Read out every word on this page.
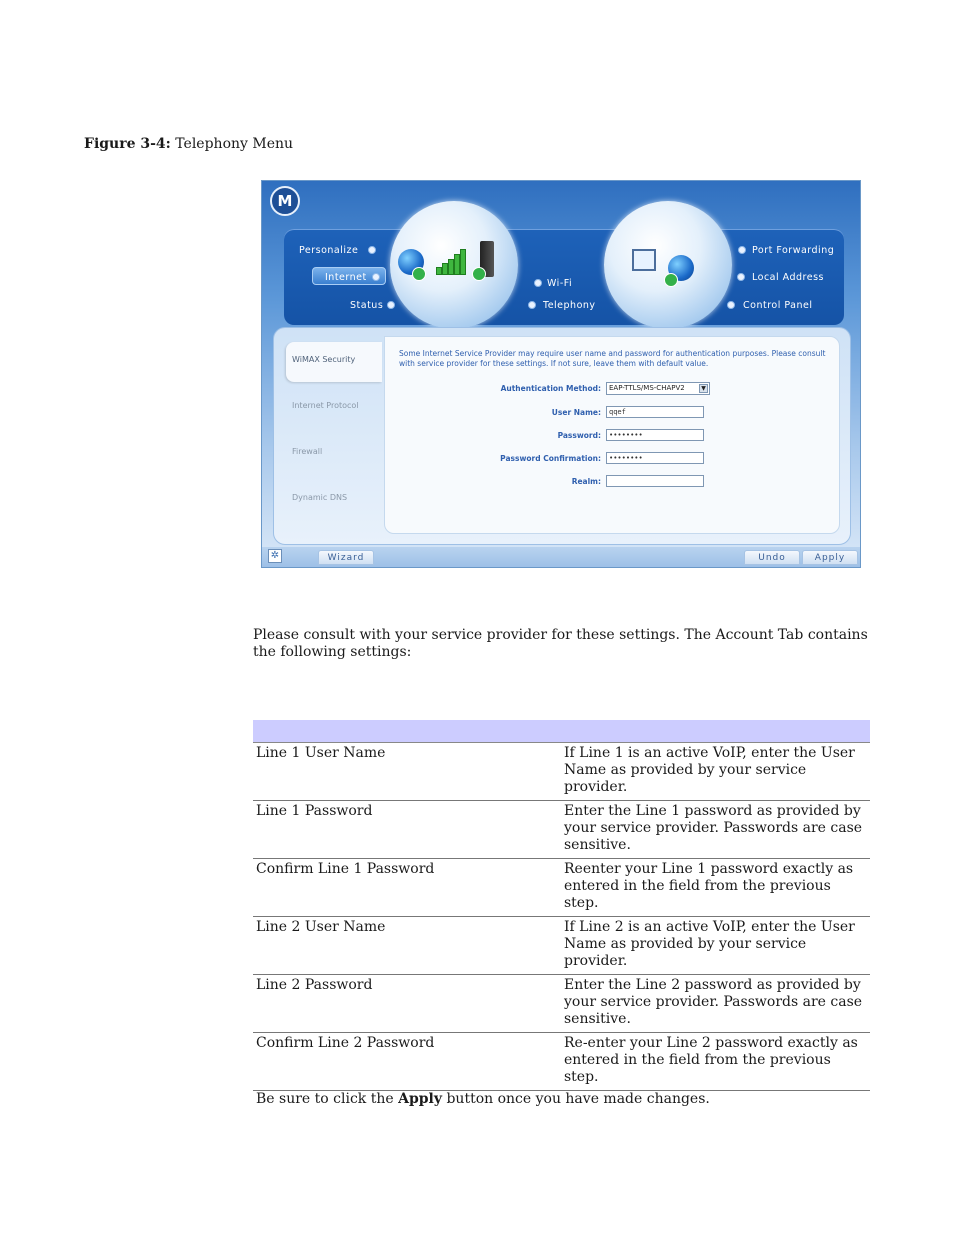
Figure 3-4: Telephony Menu
M
Personalize
Internet
Status
Wi-Fi
Telephony
Port Forwarding
Local Address
Control Panel
WiMAX Security
Internet Protocol
Firewall
Dynamic DNS
Some Internet Service Provider may require user name and password for authentication purposes. Please consult with service provider for these settings. If not sure, leave them with default value.
Authentication Method:	EAP-TTLS/MS-CHAPV2	▼
User Name:	qqef
Password:	••••••••
Password Confirmation:	••••••••
Realm:
✲	Wizard	Undo	Apply
Please consult with your service provider for these settings. The Account Tab contains the following settings:
Line 1 User Name	If Line 1 is an active VoIP, enter the User Name as provided by your service provider.
Line 1 Password	Enter the Line 1 password as provided by your service provider. Passwords are case sensitive.
Confirm Line 1 Password	Reenter your Line 1 password exactly as entered in the field from the previous step.
Line 2 User Name	If Line 2 is an active VoIP, enter the User Name as provided by your service provider.
Line 2 Password	Enter the Line 2 password as provided by your service provider. Passwords are case sensitive.
Confirm Line 2 Password	Re-enter your Line 2 password exactly as entered in the field from the previous step.
Be sure to click the Apply button once you have made changes.
